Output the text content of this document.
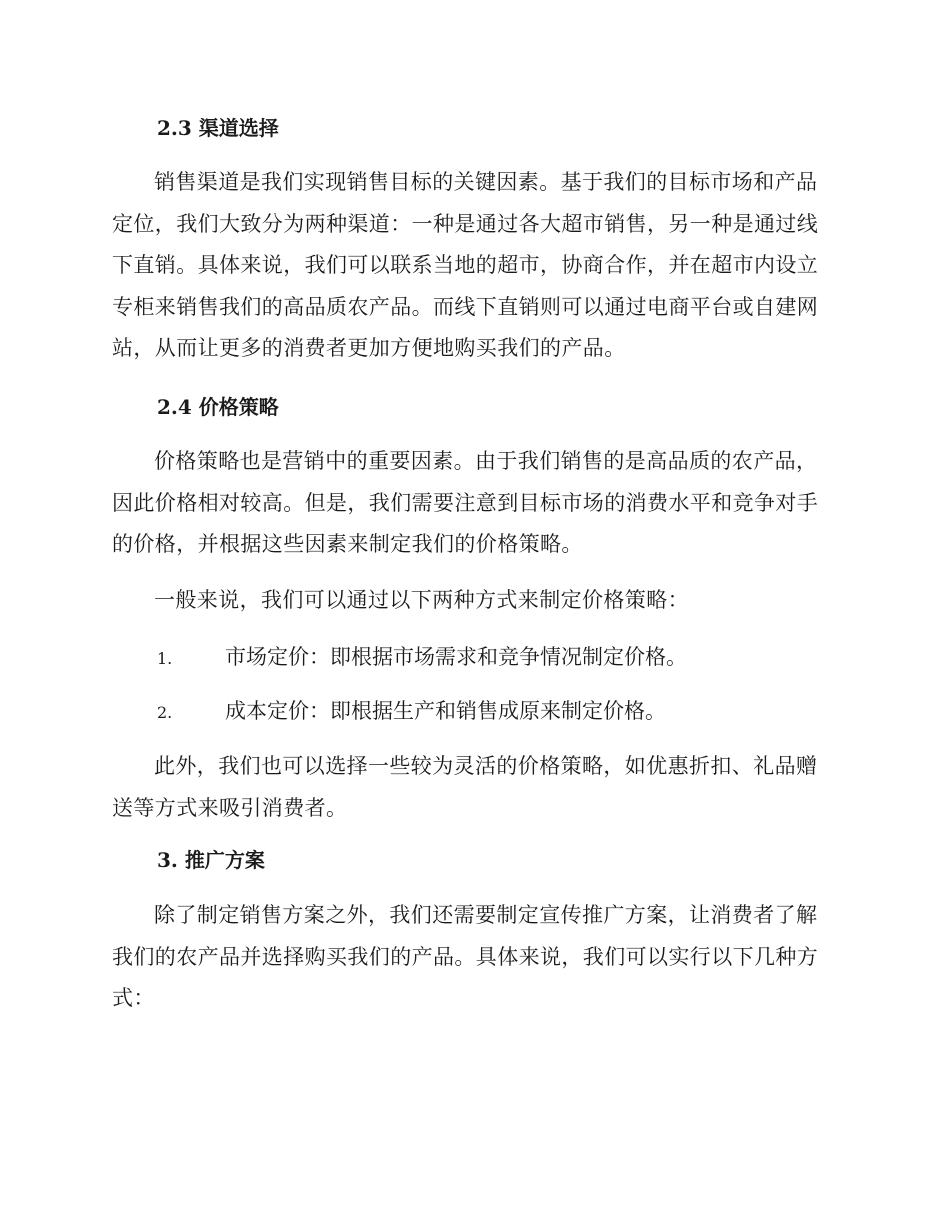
2.3 渠道选择
销售渠道是我们实现销售目标的关键因素。基于我们的目标市场和产品定位，我们大致分为两种渠道：一种是通过各大超市销售，另一种是通过线下直销。具体来说，我们可以联系当地的超市，协商合作，并在超市内设立专柜来销售我们的高品质农产品。而线下直销则可以通过电商平台或自建网站，从而让更多的消费者更加方便地购买我们的产品。
2.4 价格策略
价格策略也是营销中的重要因素。由于我们销售的是高品质的农产品，因此价格相对较高。但是，我们需要注意到目标市场的消费水平和竞争对手的价格，并根据这些因素来制定我们的价格策略。
一般来说，我们可以通过以下两种方式来制定价格策略：
1.	市场定价：即根据市场需求和竞争情况制定价格。
2.	成本定价：即根据生产和销售成原来制定价格。
此外，我们也可以选择一些较为灵活的价格策略，如优惠折扣、礼品赠送等方式来吸引消费者。
3. 推广方案
除了制定销售方案之外，我们还需要制定宣传推广方案，让消费者了解我们的农产品并选择购买我们的产品。具体来说，我们可以实行以下几种方式：
